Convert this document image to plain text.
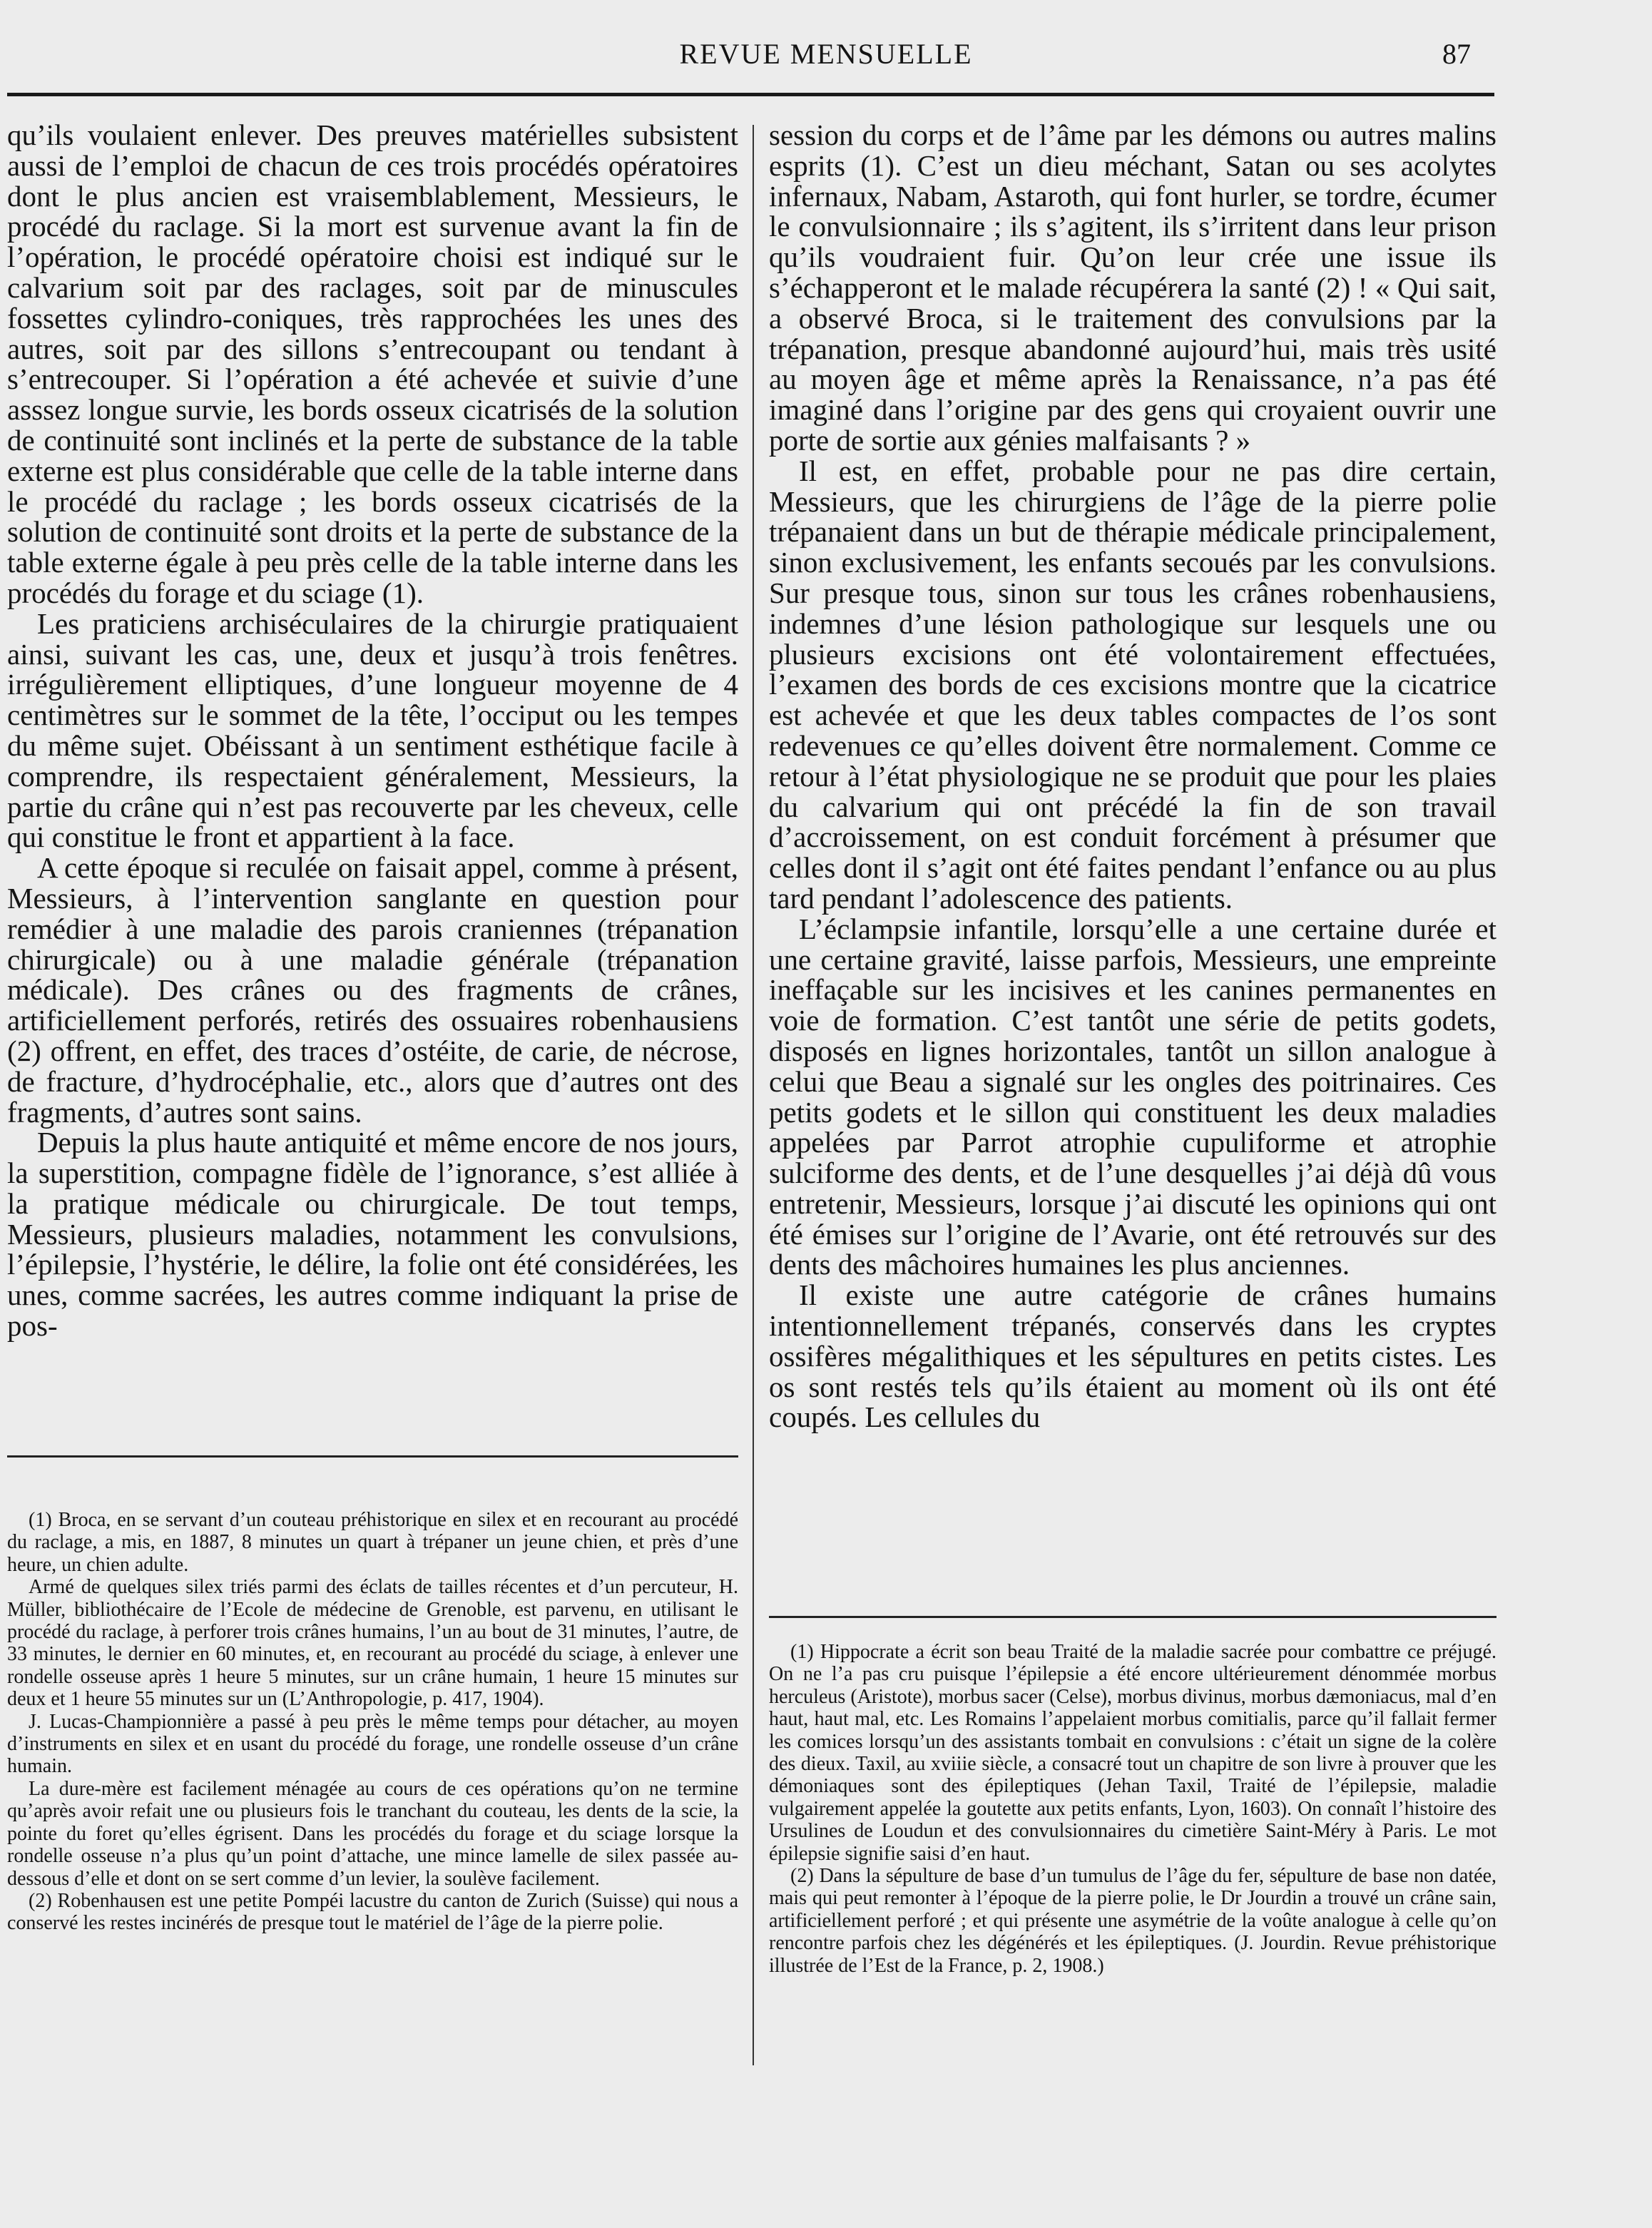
REVUE MENSUELLE	87

qu’ils voulaient enlever. Des preuves matérielles subsistent aussi de l’emploi de chacun de ces trois procédés opératoires dont le plus ancien est vraisemblablement, Messieurs, le procédé du raclage. Si la mort est survenue avant la fin de l’opération, le procédé opératoire choisi est indiqué sur le calvarium soit par des raclages, soit par de minuscules fossettes cylindro-coniques, très rapprochées les unes des autres, soit par des sillons s’entrecoupant ou tendant à s’entrecouper. Si l’opération a été achevée et suivie d’une asssez longue survie, les bords osseux cicatrisés de la solution de continuité sont inclinés et la perte de substance de la table externe est plus considérable que celle de la table interne dans le procédé du raclage ; les bords osseux cicatrisés de la solution de continuité sont droits et la perte de substance de la table externe égale à peu près celle de la table interne dans les procédés du forage et du sciage (1).

Les praticiens archiséculaires de la chirurgie pratiquaient ainsi, suivant les cas, une, deux et jusqu’à trois fenêtres. irrégulièrement elliptiques, d’une longueur moyenne de 4 centimètres sur le sommet de la tête, l’occiput ou les tempes du même sujet. Obéissant à un sentiment esthétique facile à comprendre, ils respectaient généralement, Messieurs, la partie du crâne qui n’est pas recouverte par les cheveux, celle qui constitue le front et appartient à la face.

A cette époque si reculée on faisait appel, comme à présent, Messieurs, à l’intervention sanglante en question pour remédier à une maladie des parois craniennes (trépanation chirurgicale) ou à une maladie générale (trépanation médicale). Des crânes ou des fragments de crânes, artificiellement perforés, retirés des ossuaires robenhausiens (2) offrent, en effet, des traces d’ostéite, de carie, de nécrose, de fracture, d’hydrocéphalie, etc., alors que d’autres ont des fragments, d’autres sont sains.

Depuis la plus haute antiquité et même encore de nos jours, la superstition, compagne fidèle de l’ignorance, s’est alliée à la pratique médicale ou chirurgicale. De tout temps, Messieurs, plusieurs maladies, notamment les convulsions, l’épilepsie, l’hystérie, le délire, la folie ont été considérées, les unes, comme sacrées, les autres comme indiquant la prise de pos-

session du corps et de l’âme par les démons ou autres malins esprits (1). C’est un dieu méchant, Satan ou ses acolytes infernaux, Nabam, Astaroth, qui font hurler, se tordre, écumer le convulsionnaire ; ils s’agitent, ils s’irritent dans leur prison qu’ils voudraient fuir. Qu’on leur crée une issue ils s’échapperont et le malade récupérera la santé (2) ! « Qui sait, a observé Broca, si le traitement des convulsions par la trépanation, presque abandonné aujourd’hui, mais très usité au moyen âge et même après la Renaissance, n’a pas été imaginé dans l’origine par des gens qui croyaient ouvrir une porte de sortie aux génies malfaisants ? »

Il est, en effet, probable pour ne pas dire certain, Messieurs, que les chirurgiens de l’âge de la pierre polie trépanaient dans un but de thérapie médicale principalement, sinon exclusivement, les enfants secoués par les convulsions. Sur presque tous, sinon sur tous les crânes robenhausiens, indemnes d’une lésion pathologique sur lesquels une ou plusieurs excisions ont été volontairement effectuées, l’examen des bords de ces excisions montre que la cicatrice est achevée et que les deux tables compactes de l’os sont redevenues ce qu’elles doivent être normalement. Comme ce retour à l’état physiologique ne se produit que pour les plaies du calvarium qui ont précédé la fin de son travail d’accroissement, on est conduit forcément à présumer que celles dont il s’agit ont été faites pendant l’enfance ou au plus tard pendant l’adolescence des patients.

L’éclampsie infantile, lorsqu’elle a une certaine durée et une certaine gravité, laisse parfois, Messieurs, une empreinte ineffaçable sur les incisives et les canines permanentes en voie de formation. C’est tantôt une série de petits godets, disposés en lignes horizontales, tantôt un sillon analogue à celui que Beau a signalé sur les ongles des poitrinaires. Ces petits godets et le sillon qui constituent les deux maladies appelées par Parrot atrophie cupuliforme et atrophie sulciforme des dents, et de l’une desquelles j’ai déjà dû vous entretenir, Messieurs, lorsque j’ai discuté les opinions qui ont été émises sur l’origine de l’Avarie, ont été retrouvés sur des dents des mâchoires humaines les plus anciennes.

Il existe une autre catégorie de crânes humains intentionnellement trépanés, conservés dans les cryptes ossifères mégalithiques et les sépultures en petits cistes. Les os sont restés tels qu’ils étaient au moment où ils ont été coupés. Les cellules du

(1) Broca, en se servant d’un couteau préhistorique en silex et en recourant au procédé du raclage, a mis, en 1887, 8 minutes un quart à trépaner un jeune chien, et près d’une heure, un chien adulte.

Armé de quelques silex triés parmi des éclats de tailles récentes et d’un percuteur, H. Müller, bibliothécaire de l’Ecole de médecine de Grenoble, est parvenu, en utilisant le procédé du raclage, à perforer trois crânes humains, l’un au bout de 31 minutes, l’autre, de 33 minutes, le dernier en 60 minutes, et, en recourant au procédé du sciage, à enlever une rondelle osseuse après 1 heure 5 minutes, sur un crâne humain, 1 heure 15 minutes sur deux et 1 heure 55 minutes sur un (L’Anthropologie, p. 417, 1904).

J. Lucas-Championnière a passé à peu près le même temps pour détacher, au moyen d’instruments en silex et en usant du procédé du forage, une rondelle osseuse d’un crâne humain.

La dure-mère est facilement ménagée au cours de ces opérations qu’on ne termine qu’après avoir refait une ou plusieurs fois le tranchant du couteau, les dents de la scie, la pointe du foret qu’elles égrisent. Dans les procédés du forage et du sciage lorsque la rondelle osseuse n’a plus qu’un point d’attache, une mince lamelle de silex passée au-dessous d’elle et dont on se sert comme d’un levier, la soulève facilement.

(2) Robenhausen est une petite Pompéi lacustre du canton de Zurich (Suisse) qui nous a conservé les restes incinérés de presque tout le matériel de l’âge de la pierre polie.

(1) Hippocrate a écrit son beau Traité de la maladie sacrée pour combattre ce préjugé. On ne l’a pas cru puisque l’épilepsie a été encore ultérieurement dénommée morbus herculeus (Aristote), morbus sacer (Celse), morbus divinus, morbus dæmoniacus, mal d’en haut, haut mal, etc. Les Romains l’appelaient morbus comitialis, parce qu’il fallait fermer les comices lorsqu’un des assistants tombait en convulsions : c’était un signe de la colère des dieux. Taxil, au xviiie siècle, a consacré tout un chapitre de son livre à prouver que les démoniaques sont des épileptiques (Jehan Taxil, Traité de l’épilepsie, maladie vulgairement appelée la goutette aux petits enfants, Lyon, 1603). On connaît l’histoire des Ursulines de Loudun et des convulsionnaires du cimetière Saint-Méry à Paris. Le mot épilepsie signifie saisi d’en haut.

(2) Dans la sépulture de base d’un tumulus de l’âge du fer, sépulture de base non datée, mais qui peut remonter à l’époque de la pierre polie, le Dr Jourdin a trouvé un crâne sain, artificiellement perforé ; et qui présente une asymétrie de la voûte analogue à celle qu’on rencontre parfois chez les dégénérés et les épileptiques. (J. Jourdin. Revue préhistorique illustrée de l’Est de la France, p. 2, 1908.)
